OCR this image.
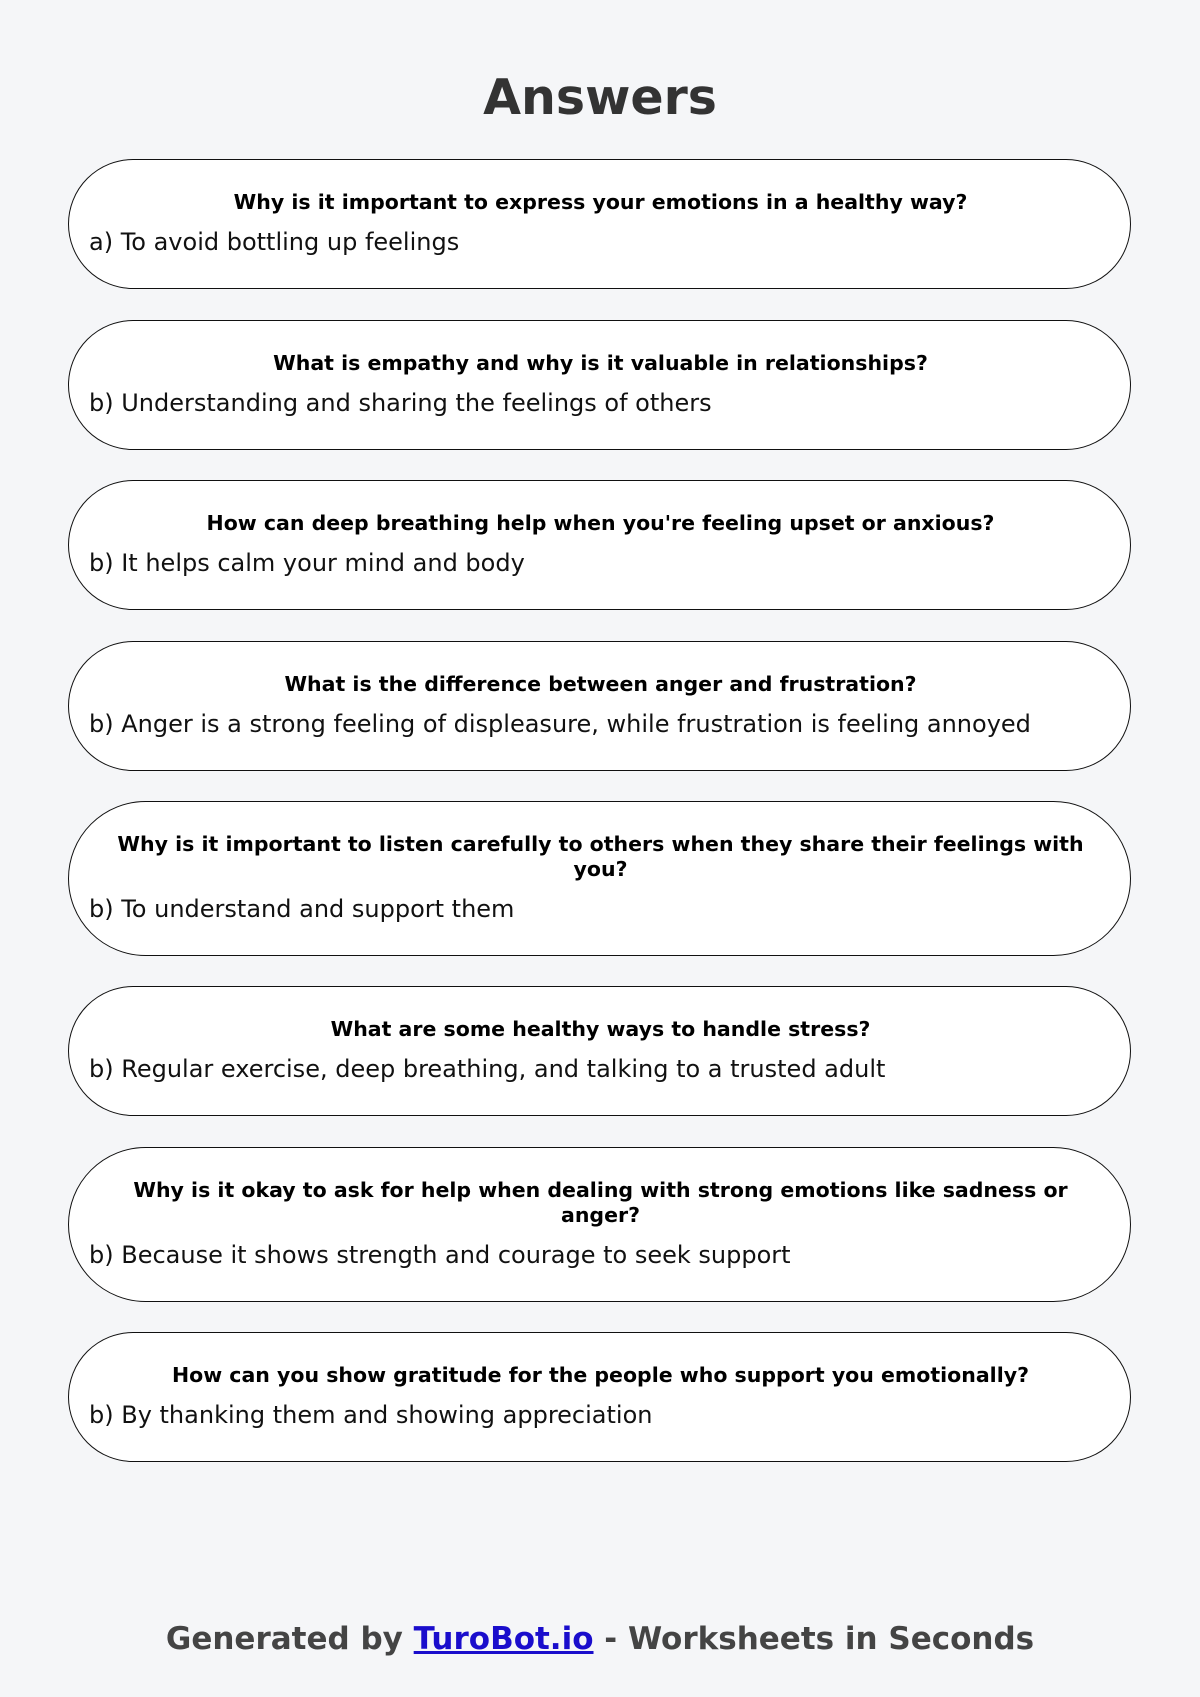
Answers

Why is it important to express your emotions in a healthy way?

a) To avoid bottling up feelings

What is empathy and why is it valuable in relationships?

b) Understanding and sharing the feelings of others

How can deep breathing help when you're feeling upset or anxious?

b) It helps calm your mind and body

What is the difference between anger and frustration?

b) Anger is a strong feeling of displeasure, while frustration is feeling annoyed

Why is it important to listen carefully to others when they share their feelings with you?

b) To understand and support them

What are some healthy ways to handle stress?

b) Regular exercise, deep breathing, and talking to a trusted adult

Why is it okay to ask for help when dealing with strong emotions like sadness or anger?

b) Because it shows strength and courage to seek support

How can you show gratitude for the people who support you emotionally?

b) By thanking them and showing appreciation

Generated by TuroBot.io - Worksheets in Seconds
